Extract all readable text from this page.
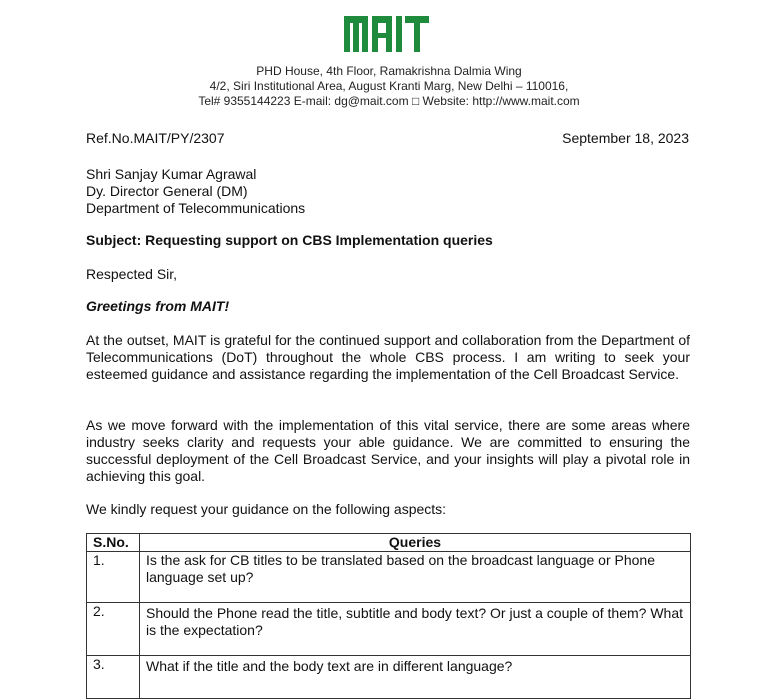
PHD House, 4th Floor, Ramakrishna Dalmia Wing
4/2, Siri Institutional Area, August Kranti Marg, New Delhi – 110016,
Tel# 9355144223 E-mail: dg@mait.com □ Website: http://www.mait.com
Ref.No.MAIT/PY/2307	September 18, 2023
Shri Sanjay Kumar Agrawal
Dy. Director General (DM)
Department of Telecommunications
Subject: Requesting support on CBS Implementation queries
Respected Sir,
Greetings from MAIT!
At the outset, MAIT is grateful for the continued support and collaboration from the Department of Telecommunications (DoT) throughout the whole CBS process. I am writing to seek your esteemed guidance and assistance regarding the implementation of the Cell Broadcast Service.
As we move forward with the implementation of this vital service, there are some areas where industry seeks clarity and requests your able guidance. We are committed to ensuring the successful deployment of the Cell Broadcast Service, and your insights will play a pivotal role in achieving this goal.
We kindly request your guidance on the following aspects:
S.No.	Queries
1.	Is the ask for CB titles to be translated based on the broadcast language or Phone language set up?
2.	Should the Phone read the title, subtitle and body text? Or just a couple of them? What is the expectation?
3.	What if the title and the body text are in different language?
